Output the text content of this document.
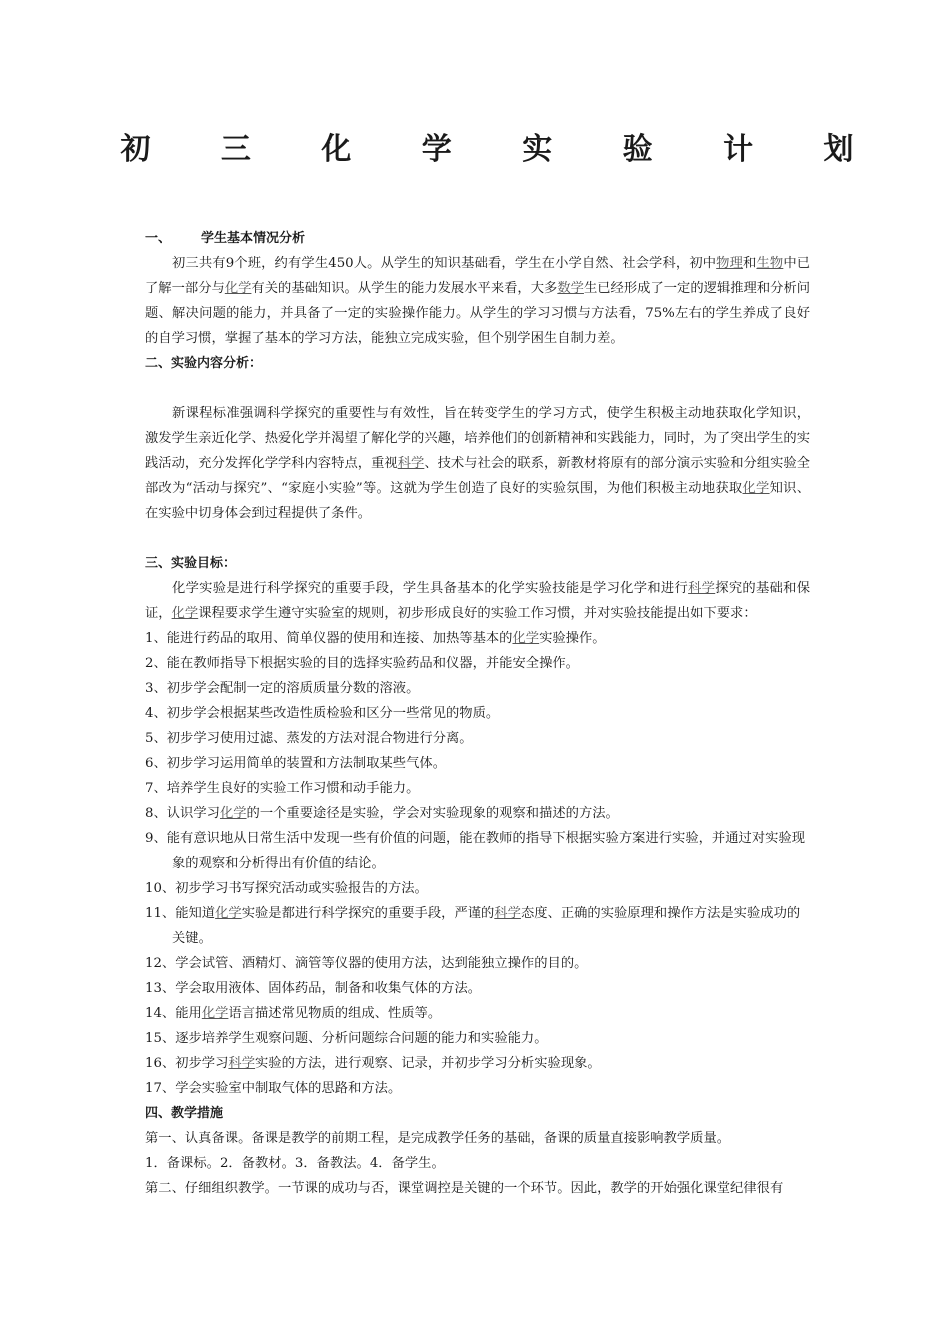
初 三 化 学 实 验 计 划
一、 学生基本情况分析
初三共有9个班，约有学生450人。从学生的知识基础看，学生在小学自然、社会学科，初中物理和生物中已了解一部分与化学有关的基础知识。从学生的能力发展水平来看，大多数学生已经形成了一定的逻辑推理和分析问题、解决问题的能力，并具备了一定的实验操作能力。从学生的学习习惯与方法看，75%左右的学生养成了良好的自学习惯，掌握了基本的学习方法，能独立完成实验，但个别学困生自制力差。
二、实验内容分析：
新课程标准强调科学探究的重要性与有效性，旨在转变学生的学习方式，使学生积极主动地获取化学知识，激发学生亲近化学、热爱化学并渴望了解化学的兴趣，培养他们的创新精神和实践能力，同时，为了突出学生的实践活动，充分发挥化学学科内容特点，重视科学、技术与社会的联系，新教材将原有的部分演示实验和分组实验全部改为“活动与探究”、“家庭小实验”等。这就为学生创造了良好的实验氛围，为他们积极主动地获取化学知识、在实验中切身体会到过程提供了条件。
三、实验目标：
化学实验是进行科学探究的重要手段，学生具备基本的化学实验技能是学习化学和进行科学探究的基础和保证，化学课程要求学生遵守实验室的规则，初步形成良好的实验工作习惯，并对实验技能提出如下要求：
1、能进行药品的取用、简单仪器的使用和连接、加热等基本的化学实验操作。
2、能在教师指导下根据实验的目的选择实验药品和仪器，并能安全操作。
3、初步学会配制一定的溶质质量分数的溶液。
4、初步学会根据某些改造性质检验和区分一些常见的物质。
5、初步学习使用过滤、蒸发的方法对混合物进行分离。
6、初步学习运用简单的装置和方法制取某些气体。
7、培养学生良好的实验工作习惯和动手能力。
8、认识学习化学的一个重要途径是实验，学会对实验现象的观察和描述的方法。
9、能有意识地从日常生活中发现一些有价值的问题，能在教师的指导下根据实验方案进行实验，并通过对实验现象的观察和分析得出有价值的结论。
10、初步学习书写探究活动或实验报告的方法。
11、能知道化学实验是都进行科学探究的重要手段，严谨的科学态度、正确的实验原理和操作方法是实验成功的关键。
12、学会试管、酒精灯、滴管等仪器的使用方法，达到能独立操作的目的。
13、学会取用液体、固体药品，制备和收集气体的方法。
14、能用化学语言描述常见物质的组成、性质等。
15、逐步培养学生观察问题、分析问题综合问题的能力和实验能力。
16、初步学习科学实验的方法，进行观察、记录，并初步学习分析实验现象。
17、学会实验室中制取气体的思路和方法。
四、教学措施
第一、认真备课。备课是教学的前期工程，是完成教学任务的基础，备课的质量直接影响教学质量。
1．备课标。2．备教材。3．备教法。4．备学生。
第二、仔细组织教学。一节课的成功与否，课堂调控是关键的一个环节。因此，教学的开始强化课堂纪律很有
